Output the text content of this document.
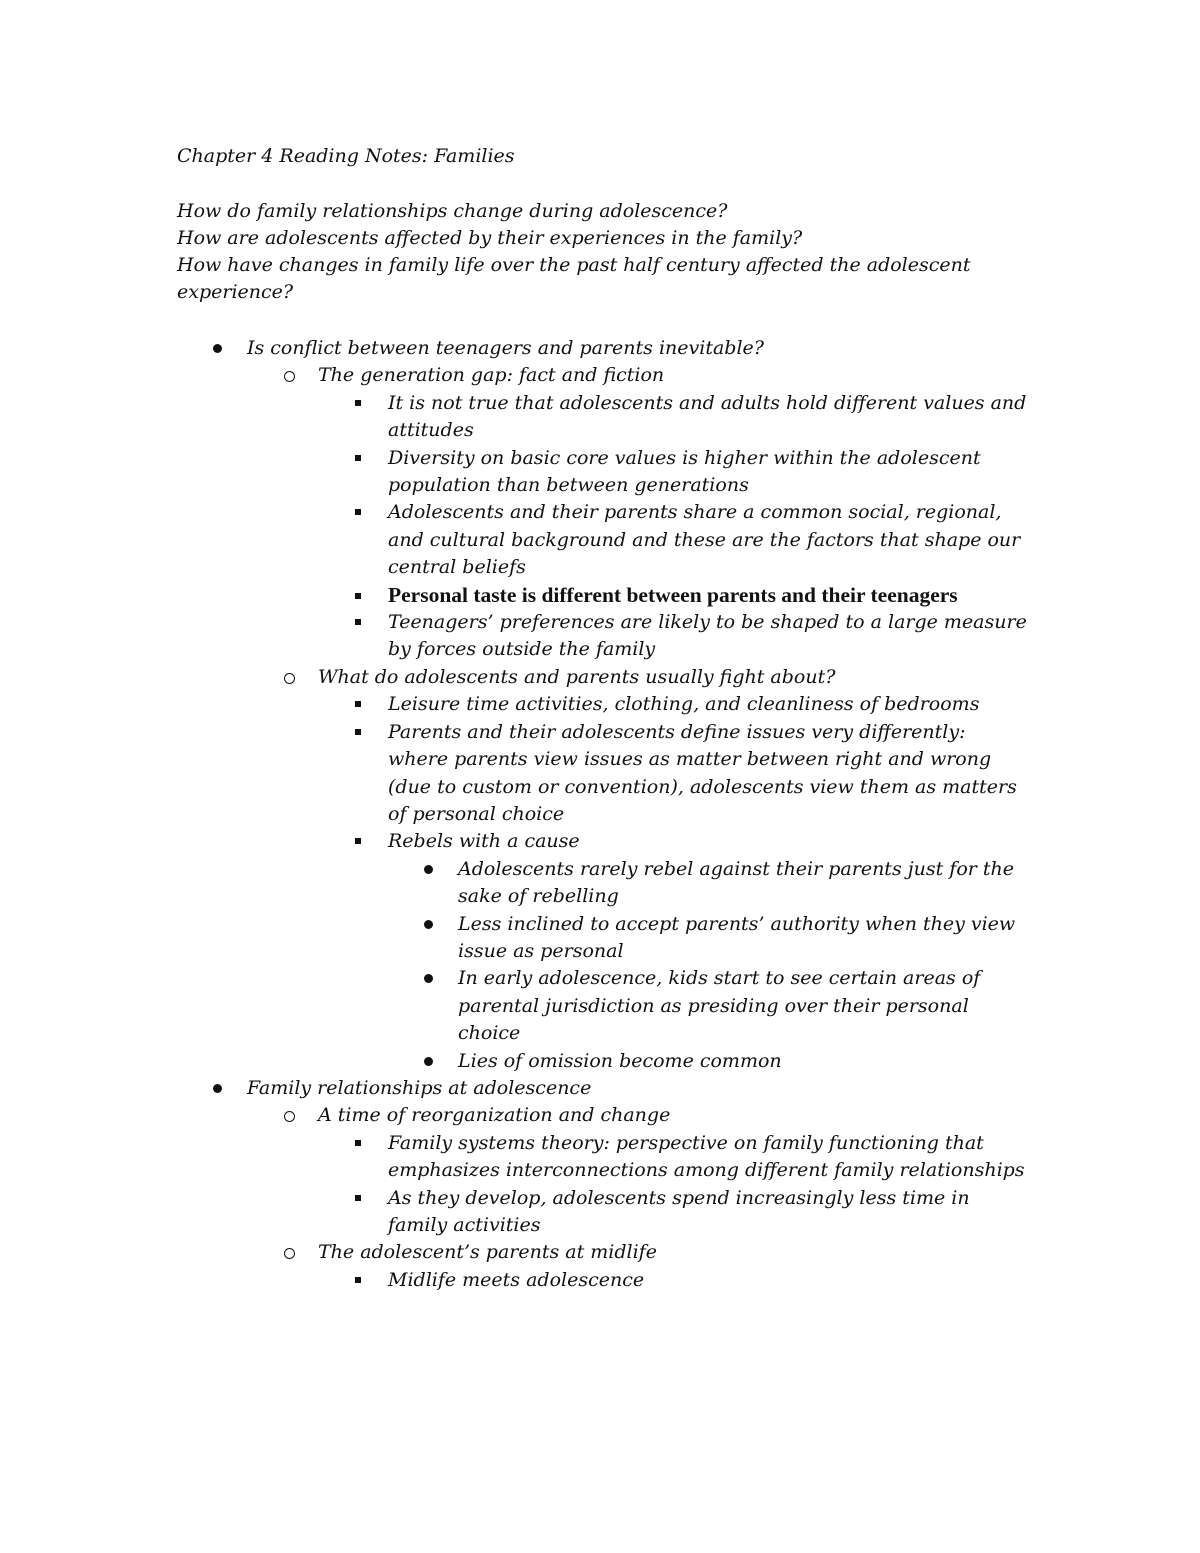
Chapter 4 Reading Notes: Families

How do family relationships change during adolescence?

How are adolescents affected by their experiences in the family?

How have changes in family life over the past half century affected the adolescent experience?

Is conflict between teenagers and parents inevitable?
The generation gap: fact and fiction
It is not true that adolescents and adults hold different values and attitudes
Diversity on basic core values is higher within the adolescent population than between generations
Adolescents and their parents share a common social, regional, and cultural background and these are the factors that shape our central beliefs
Personal taste is different between parents and their teenagers
Teenagers’ preferences are likely to be shaped to a large measure by forces outside the family
What do adolescents and parents usually fight about?
Leisure time activities, clothing, and cleanliness of bedrooms
Parents and their adolescents define issues very differently: where parents view issues as matter between right and wrong (due to custom or convention), adolescents view them as matters of personal choice
Rebels with a cause
Adolescents rarely rebel against their parents just for the sake of rebelling
Less inclined to accept parents’ authority when they view issue as personal
In early adolescence, kids start to see certain areas of parental jurisdiction as presiding over their personal choice
Lies of omission become common
Family relationships at adolescence
A time of reorganization and change
Family systems theory: perspective on family functioning that emphasizes interconnections among different family relationships
As they develop, adolescents spend increasingly less time in family activities
The adolescent’s parents at midlife
Midlife meets adolescence
